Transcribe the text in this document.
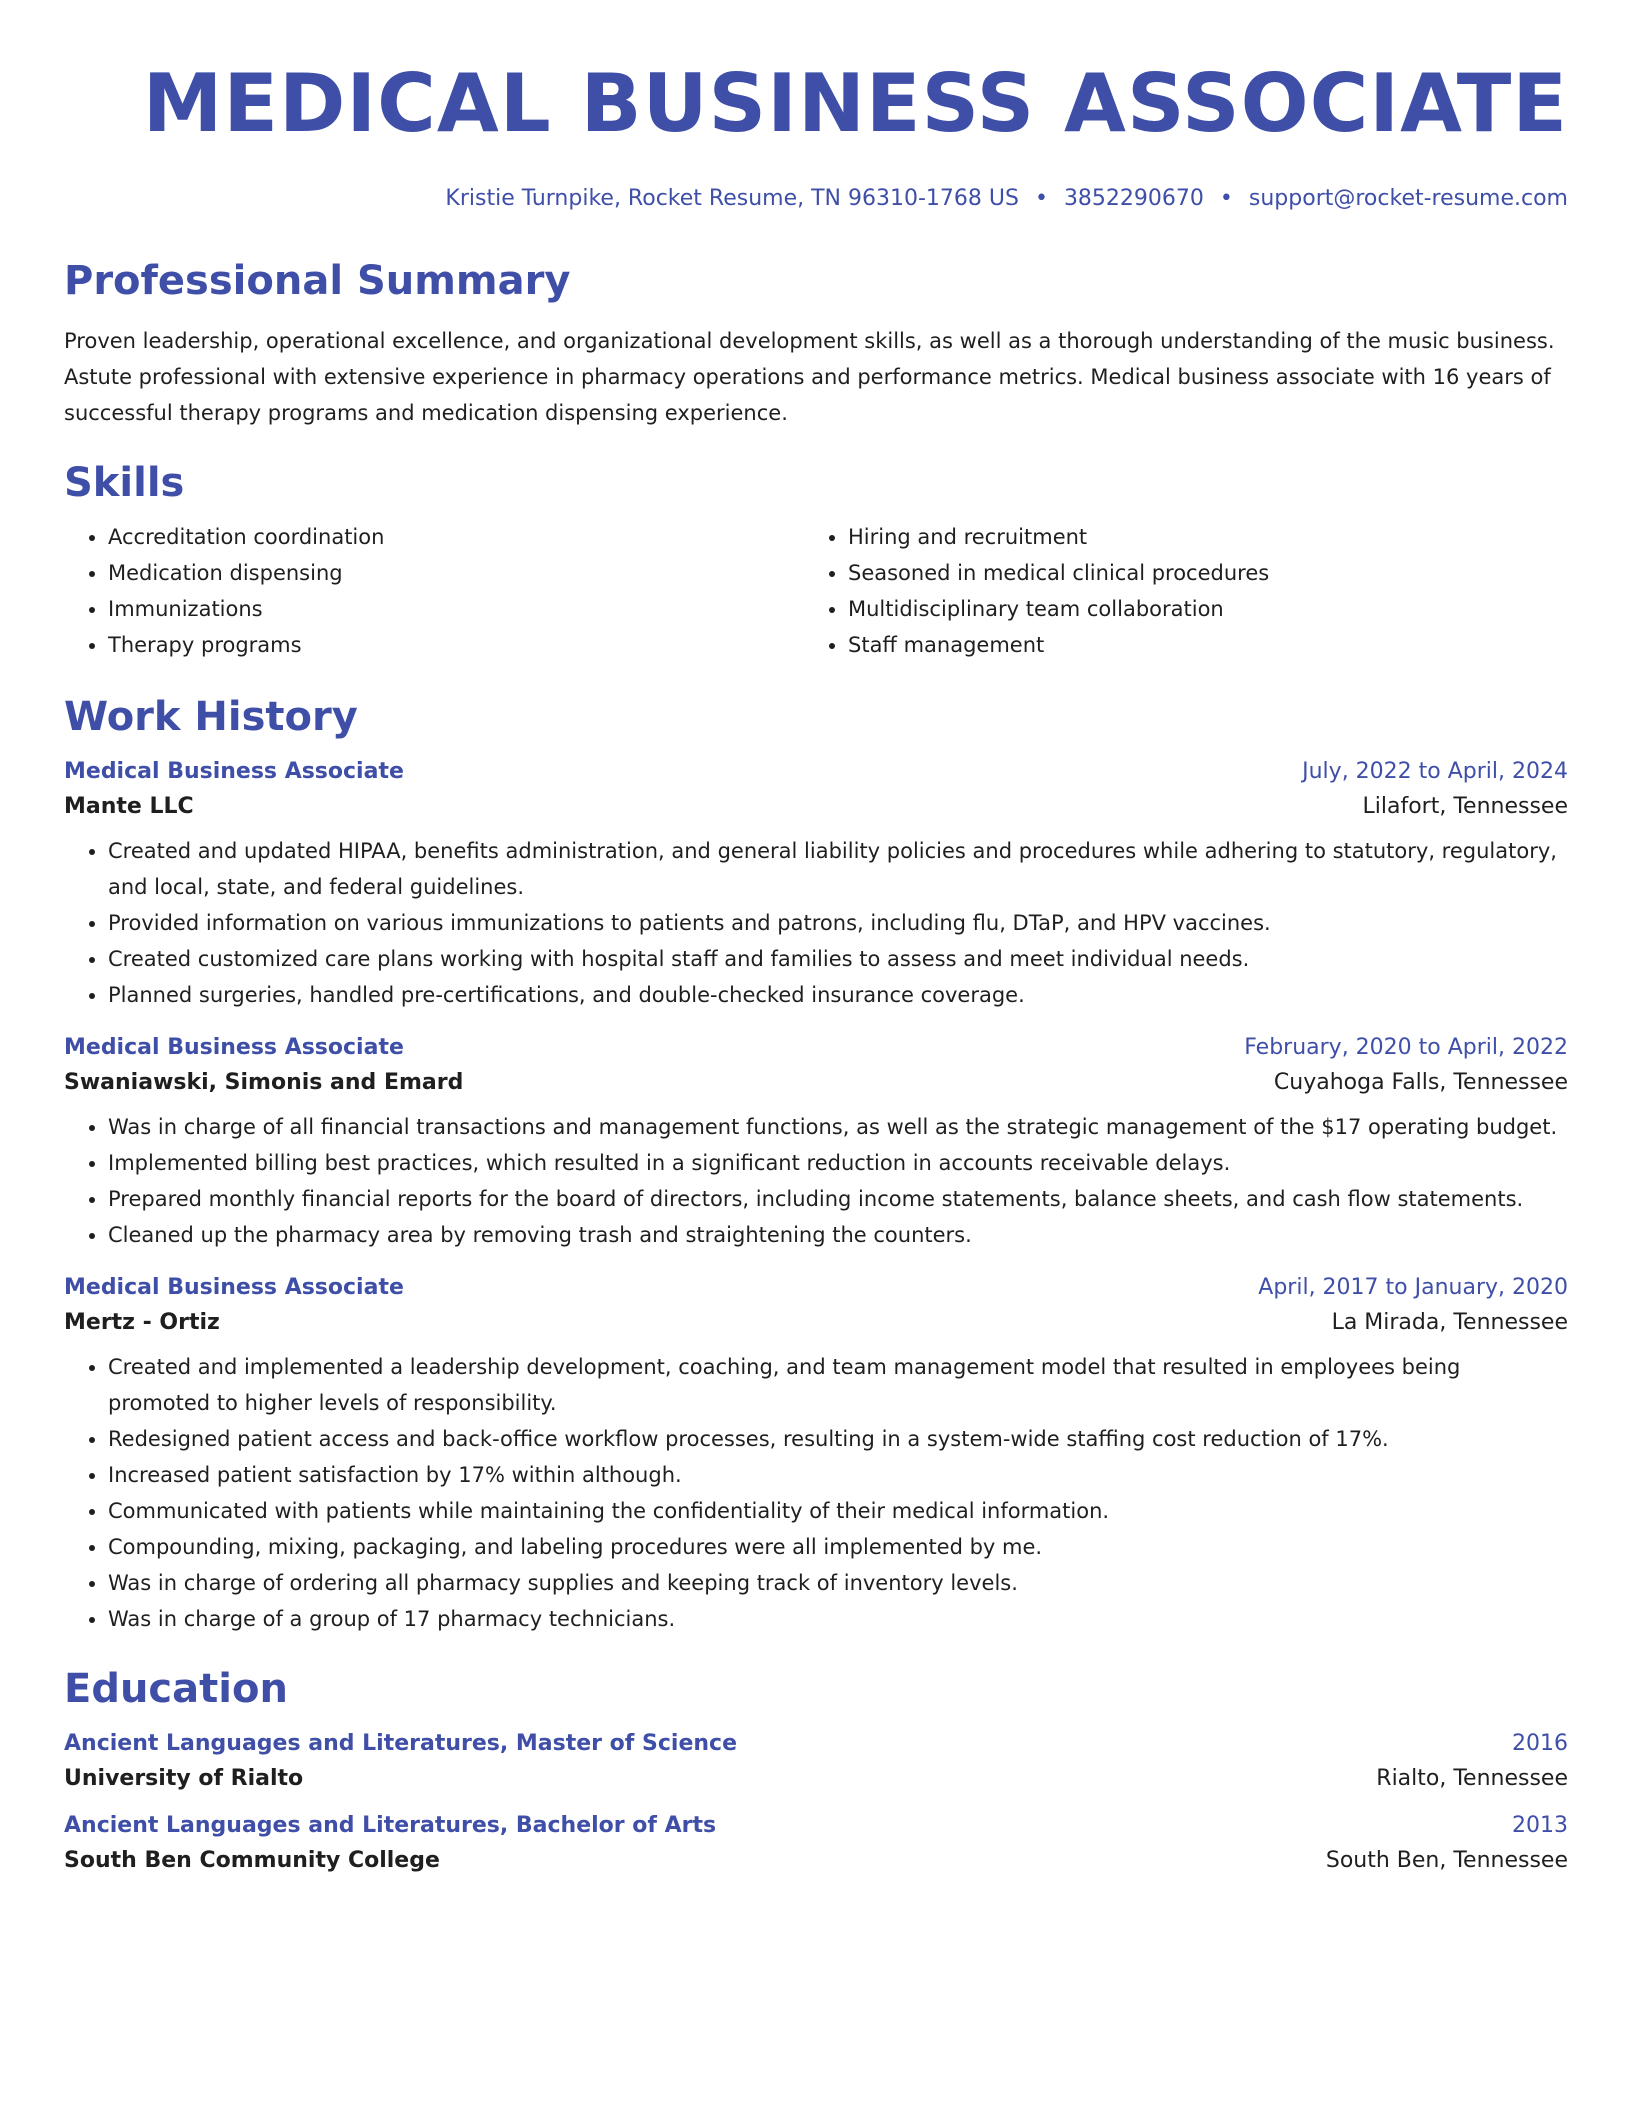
MEDICAL BUSINESS ASSOCIATE
Kristie Turnpike, Rocket Resume, TN 96310-1768 US • 3852290670 • support@rocket-resume.com
Professional Summary

Proven leadership, operational excellence, and organizational development skills, as well as a thorough understanding of the music business. Astute professional with extensive experience in pharmacy operations and performance metrics. Medical business associate with 16 years of successful therapy programs and medication dispensing experience.

Skills
• Accreditation coordination
• Medication dispensing
• Immunizations
• Therapy programs
• Hiring and recruitment
• Seasoned in medical clinical procedures
• Multidisciplinary team collaboration
• Staff management
Work History
Medical Business Associate	July, 2022 to April, 2024
Mante LLC	Lilafort, Tennessee
• Created and updated HIPAA, benefits administration, and general liability policies and procedures while adhering to statutory, regulatory, and local, state, and federal guidelines.
• Provided information on various immunizations to patients and patrons, including flu, DTaP, and HPV vaccines.
• Created customized care plans working with hospital staff and families to assess and meet individual needs.
• Planned surgeries, handled pre-certifications, and double-checked insurance coverage.
Medical Business Associate	February, 2020 to April, 2022
Swaniawski, Simonis and Emard	Cuyahoga Falls, Tennessee
• Was in charge of all financial transactions and management functions, as well as the strategic management of the $17 operating budget.
• Implemented billing best practices, which resulted in a significant reduction in accounts receivable delays.
• Prepared monthly financial reports for the board of directors, including income statements, balance sheets, and cash flow statements.
• Cleaned up the pharmacy area by removing trash and straightening the counters.
Medical Business Associate	April, 2017 to January, 2020
Mertz - Ortiz	La Mirada, Tennessee
• Created and implemented a leadership development, coaching, and team management model that resulted in employees being promoted to higher levels of responsibility.
• Redesigned patient access and back-office workflow processes, resulting in a system-wide staffing cost reduction of 17%.
• Increased patient satisfaction by 17% within although.
• Communicated with patients while maintaining the confidentiality of their medical information.
• Compounding, mixing, packaging, and labeling procedures were all implemented by me.
• Was in charge of ordering all pharmacy supplies and keeping track of inventory levels.
• Was in charge of a group of 17 pharmacy technicians.
Education
Ancient Languages and Literatures, Master of Science	2016
University of Rialto	Rialto, Tennessee
Ancient Languages and Literatures, Bachelor of Arts	2013
South Ben Community College	South Ben, Tennessee
